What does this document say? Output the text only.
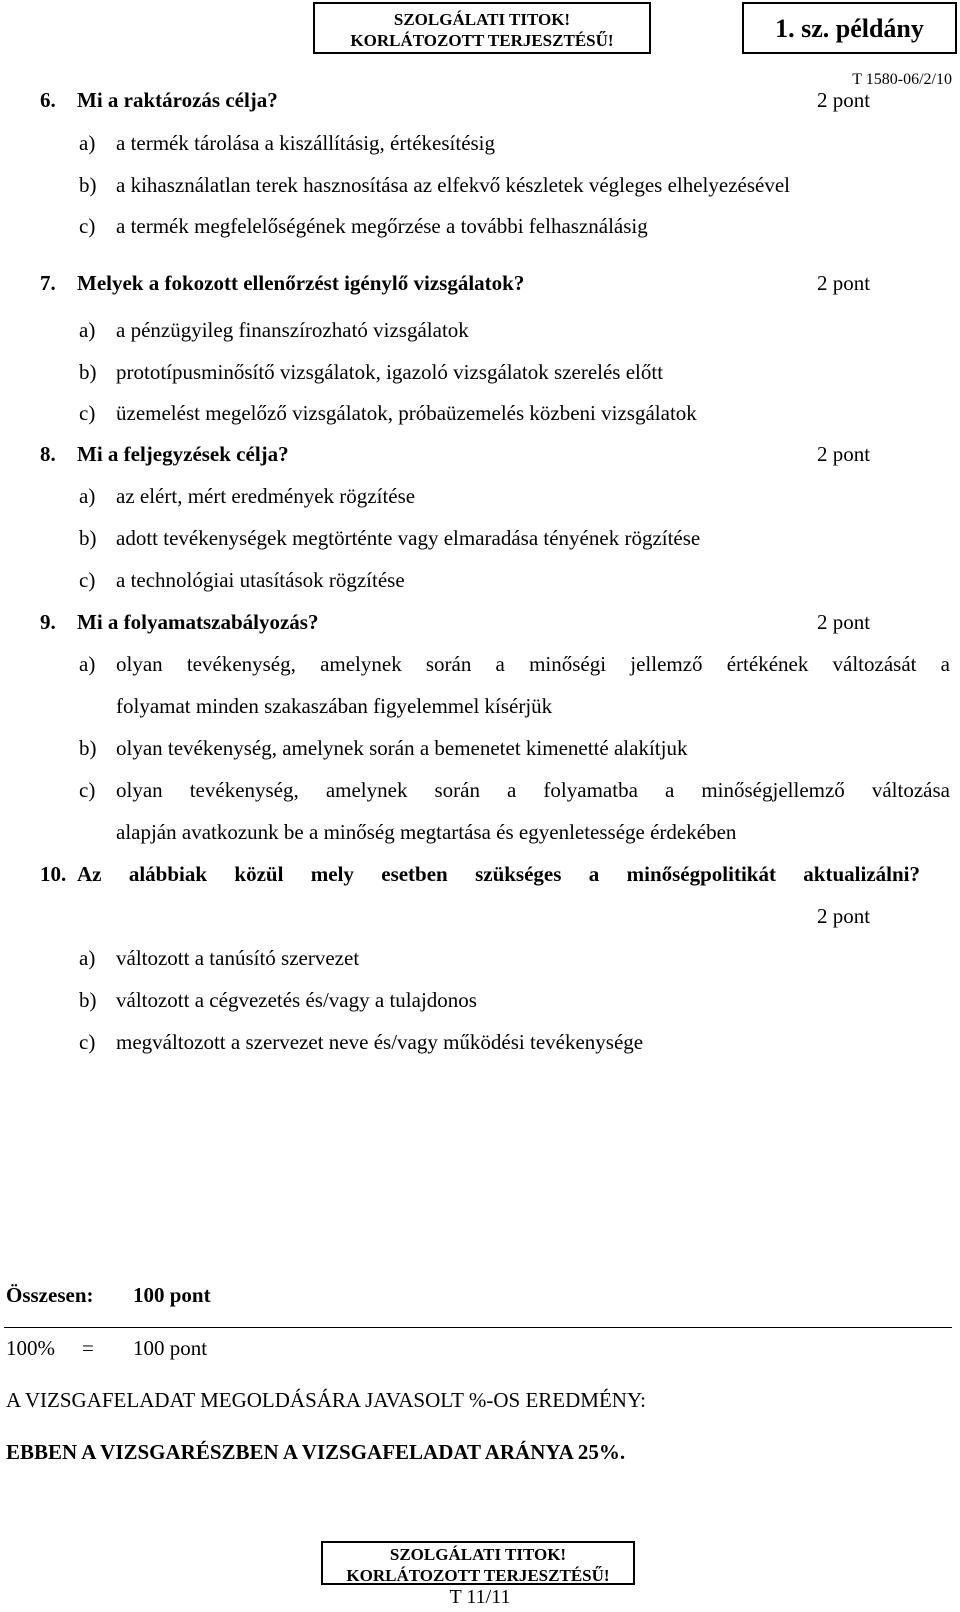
SZOLGÁLATI TITOK!
KORLÁTOZOTT TERJESZTÉSŰ!	1. sz. példány
T 1580-06/2/10
6. Mi a raktározás célja?	2 pont
a) a termék tárolása a kiszállításig, értékesítésig
b) a kihasználatlan terek hasznosítása az elfekvő készletek végleges elhelyezésével
c) a termék megfelelőségének megőrzése a további felhasználásig
7. Melyek a fokozott ellenőrzést igénylő vizsgálatok?	2 pont
a) a pénzügyileg finanszírozható vizsgálatok
b) prototípusminősítő vizsgálatok, igazoló vizsgálatok szerelés előtt
c) üzemelést megelőző vizsgálatok, próbaüzemelés közbeni vizsgálatok
8. Mi a feljegyzések célja?	2 pont
a) az elért, mért eredmények rögzítése
b) adott tevékenységek megtörténte vagy elmaradása tényének rögzítése
c) a technológiai utasítások rögzítése
9. Mi a folyamatszabályozás?	2 pont
a) olyan tevékenység, amelynek során a minőségi jellemző értékének változását a
folyamat minden szakaszában figyelemmel kísérjük
b) olyan tevékenység, amelynek során a bemenetet kimenetté alakítjuk
c) olyan tevékenység, amelynek során a folyamatba a minőségjellemző változása
alapján avatkozunk be a minőség megtartása és egyenletessége érdekében
10. Az alábbiak közül mely esetben szükséges a minőségpolitikát aktualizálni?
2 pont
a) változott a tanúsító szervezet
b) változott a cégvezetés és/vagy a tulajdonos
c) megváltozott a szervezet neve és/vagy működési tevékenysége
Összesen: 100 pont
100% = 100 pont
A VIZSGAFELADAT MEGOLDÁSÁRA JAVASOLT %-OS EREDMÉNY:
EBBEN A VIZSGARÉSZBEN A VIZSGAFELADAT ARÁNYA 25%.
SZOLGÁLATI TITOK!
KORLÁTOZOTT TERJESZTÉSŰ!
T 11/11
